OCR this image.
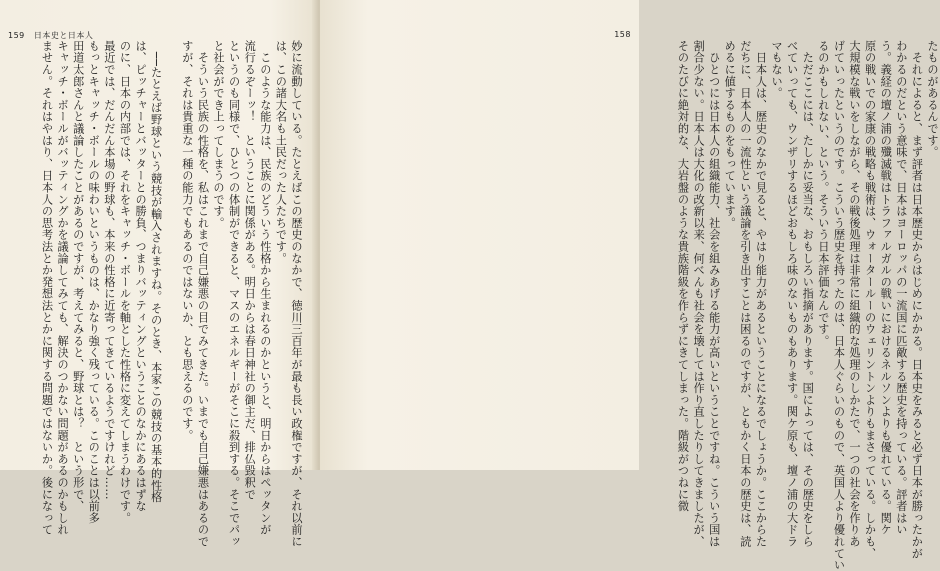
159 日本史と日本人
妙に流動している。たとえばこの歴史のなかで、徳川三百年が最も長い政権ですが、それ以前に
は、この諸大名も土民だった人たちです。
　このような能力は、民族のどういう性格から生まれるのかというと、明日からはペッタンが
流行るぞーッ！　ということに関係がある。明日からは春日神社の御主だ、排仏毀釈で
というのも同様で、ひとつの体制ができると、マスのエネルギーがそこに殺到する。そこでパッ
と社会ができ上ってしまうのです。
　そういう民族の性格を、私はこれまで自己嫌悪の目でみてきた。いまでも自己嫌悪はあるので
すが、それは貴重な一種の能力でもあるのではないか、とも思えるのです。

　──たとえば野球という競技が輸入されますね。そのとき、本家この競技の基本的性格
は、ピッチャーとバッターとの勝負、つまりバッティングということのなかにあるはずな
のに、日本の内部では、それをキャッチ・ボールを軸とした性格に変えてしまうわけです。
最近では、だんだん本場の野球も、本来の性格に近寄ってきているようですけれど……
もっとキャッチ・ボールの味わいというものは、かなり強く残っている。このことは以前多
田道太郎さんと議論したことがあるのですが、考えてみると、野球とは？　という形で、
キャッチ・ボールがバッティングかを議論してみても、解決のつかない問題があるのかもしれ
ません。それはやはり、日本人の思考法とか発想法とかに関する問題ではないか。後になって
158
たものがあるんです。
　それによると、まず評者は日本歴史からはじめにかかる。日本史をみると必ず日本が勝ったかが
わかるのだという意味で、日本はヨーロッパの一流国に匹敵する歴史を持っている。評者はい
う。義経の壇ノ浦の殲滅戦はトラファルガルの戦いにおけるネルソンよりも優れている。関ケ
原の戦いでの家康の戦略も戦術は、ウォータールーのウェリントンよりもまさっている。しかも、
大規模な戦いをしながら、その戦後処理は非常に組織的な処理のしかたで、一つの社会を作りあ
げていったというのです。こういう歴史を持ったのは、日本人ぐらいのもので、英国人より優れてい
るのかもしれない、という。そういう日本評価なんです。
　ただここには、たしかに妥当な、おもしろい指摘があります。国によっては、その歴史をしら
べていっても、ウンザリするほどおもしろ味のないものもあります。関ケ原も、壇ノ浦の大ドラ
マもない。
　日本人は、歴史のなかで見ると、やはり能力があるということになるでしょうか。ここからた
だちに、日本人の一流性という議論を引き出すことは困るのですが、ともかく日本の歴史は、読
めるに値するものをもっています。
　ひとつには日本人の組織能力、社会を組みあげる能力が高いということですね。こういう国は
割合少ない。日本人は大化の改新以来、何べんも社会を壊しては作り直したりしてきましたが、
そのたびに絶対的な、大岩盤のような貴族階級を作らずにきてしまった。階級がつねに微
